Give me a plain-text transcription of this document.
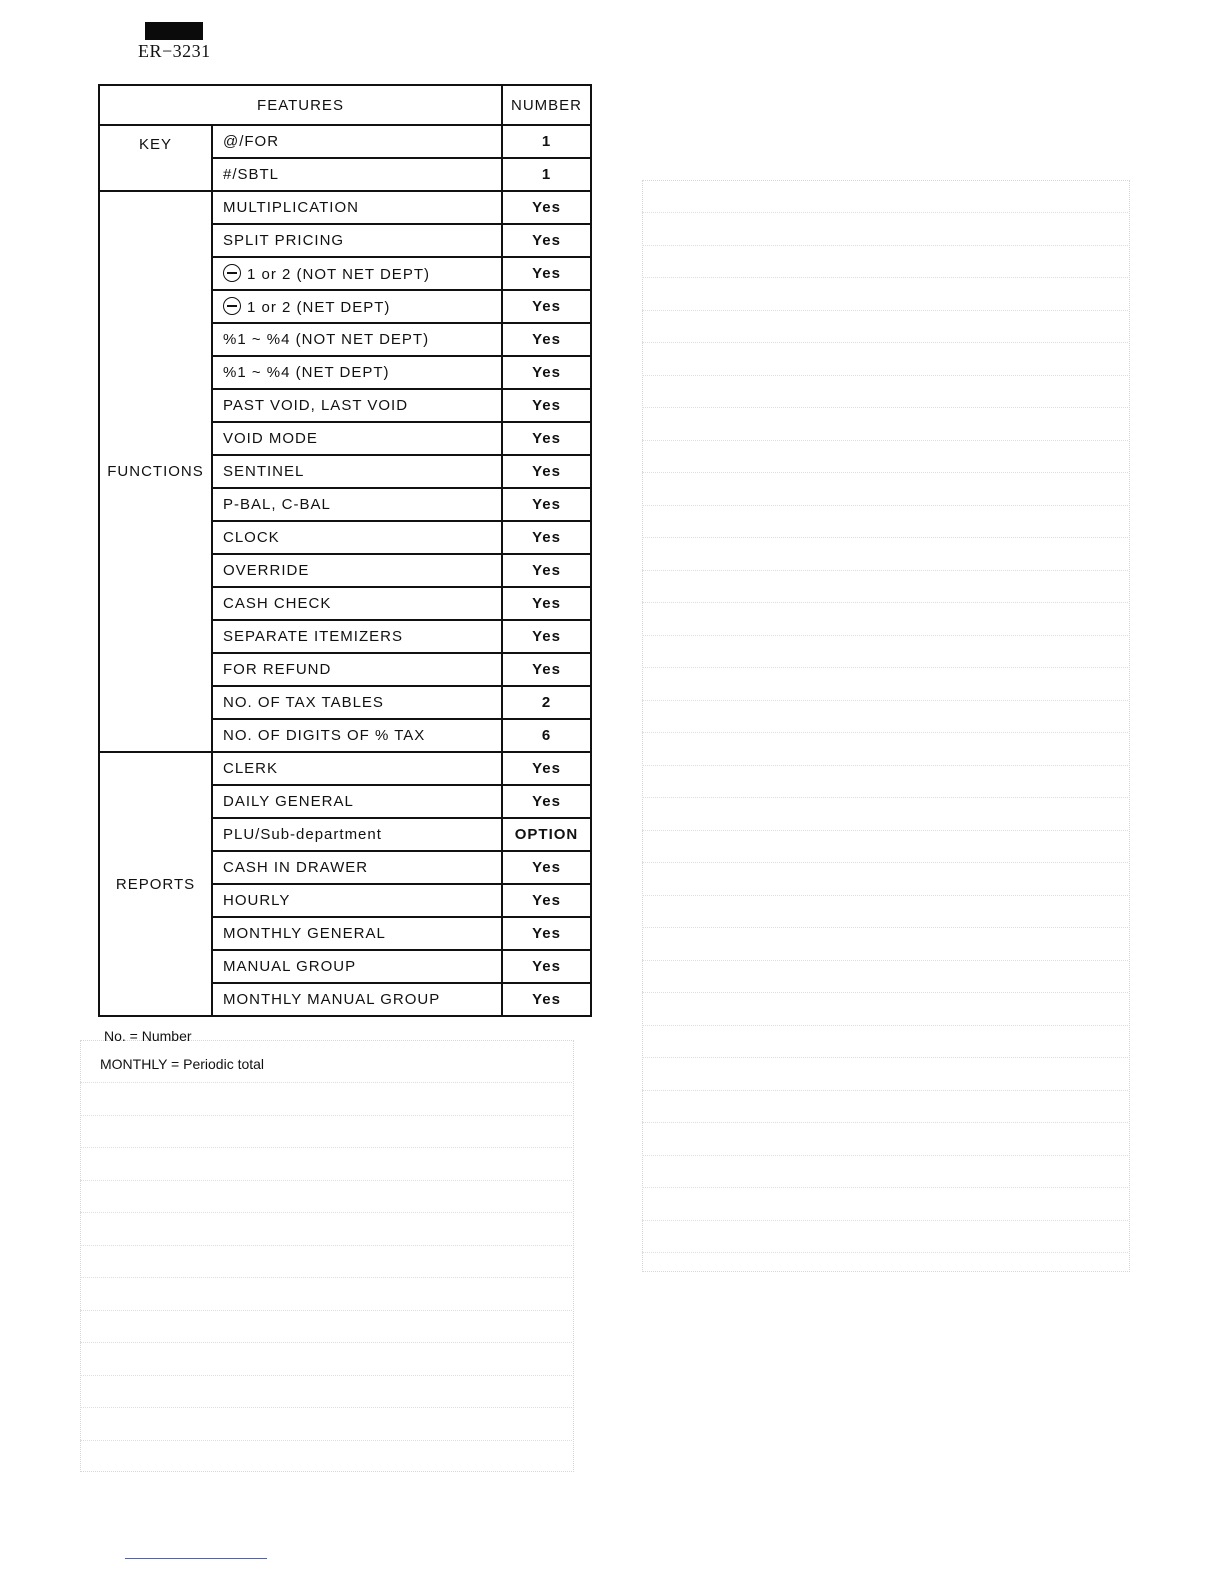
ER−3231
FEATURES		NUMBER
KEY	@/FOR	1
	#/SBTL	1
FUNCTIONS	MULTIPLICATION	Yes
	SPLIT PRICING	Yes
	1 or 2 (NOT NET DEPT)	Yes
	1 or 2 (NET DEPT)	Yes
	%1 ~ %4 (NOT NET DEPT)	Yes
	%1 ~ %4 (NET DEPT)	Yes
	PAST VOID, LAST VOID	Yes
	VOID MODE	Yes
	SENTINEL	Yes
	P-BAL, C-BAL	Yes
	CLOCK	Yes
	OVERRIDE	Yes
	CASH CHECK	Yes
	SEPARATE ITEMIZERS	Yes
	FOR REFUND	Yes
	NO. OF TAX TABLES	2
	NO. OF DIGITS OF % TAX	6
REPORTS	CLERK	Yes
	DAILY GENERAL	Yes
	PLU/Sub-department	OPTION
	CASH IN DRAWER	Yes
	HOURLY	Yes
	MONTHLY GENERAL	Yes
	MANUAL GROUP	Yes
	MONTHLY MANUAL GROUP	Yes
No. = Number
MONTHLY = Periodic total
